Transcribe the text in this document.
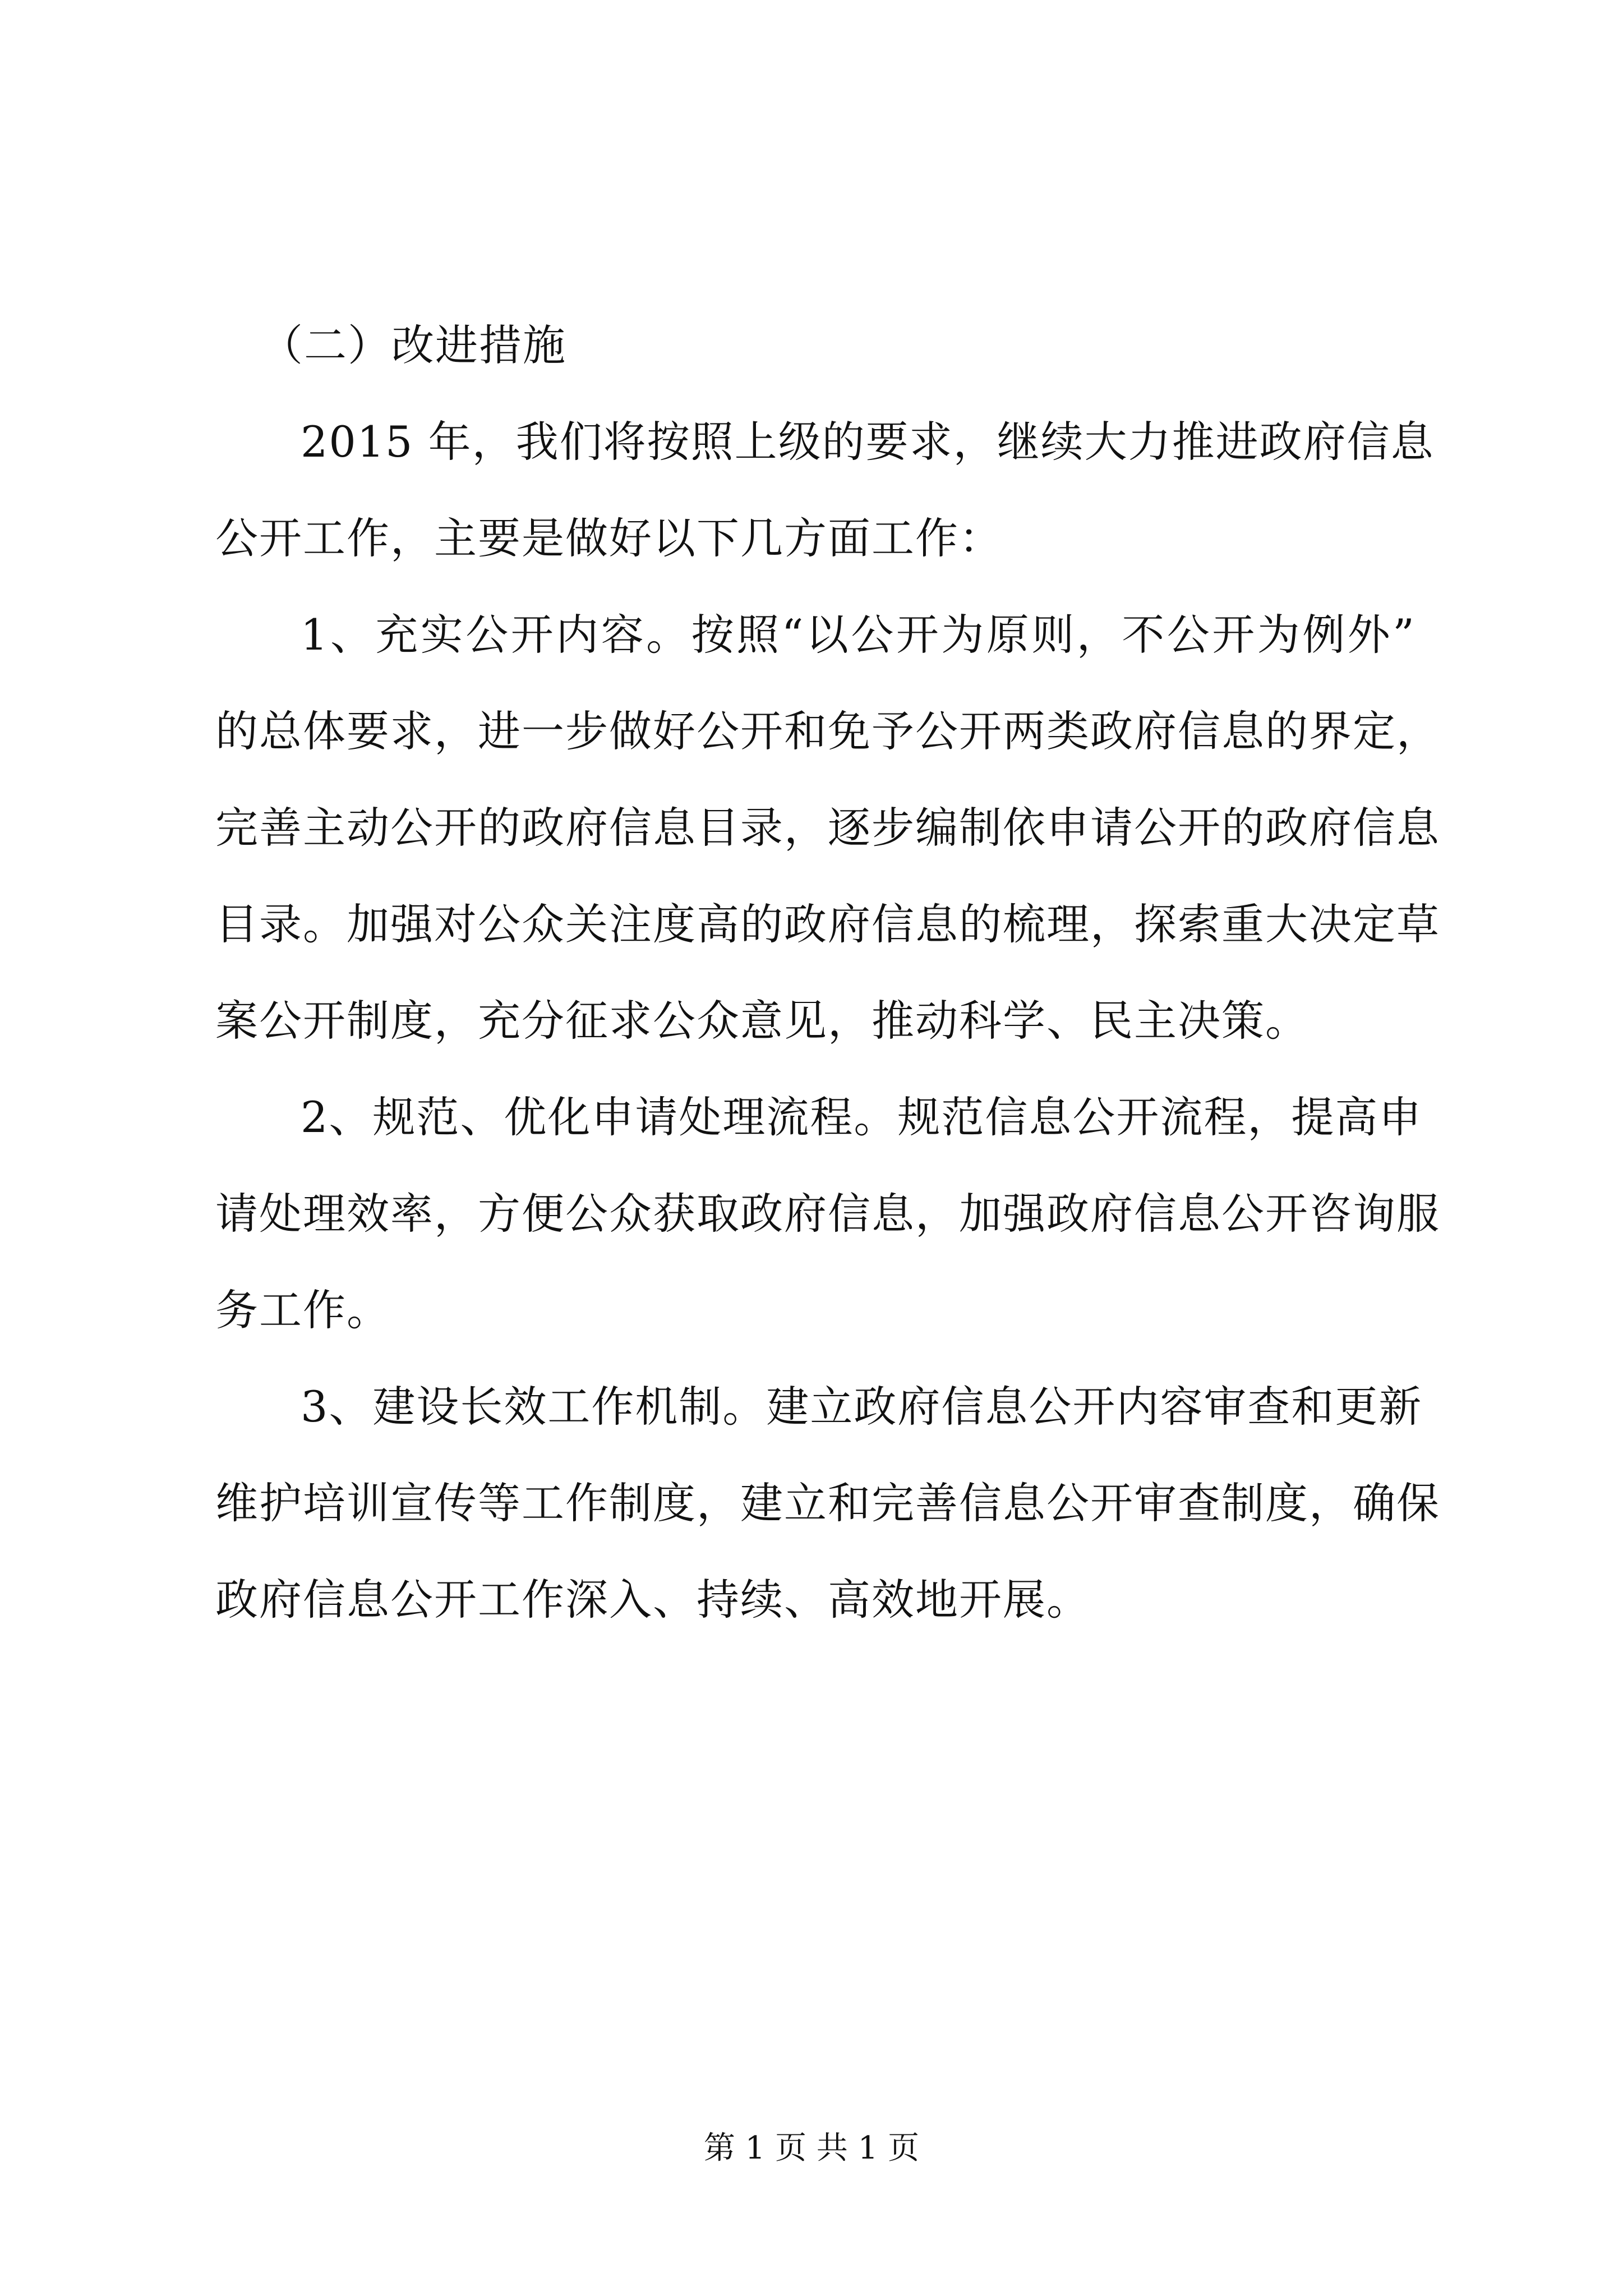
（二）改进措施
2015 年，我们将按照上级的要求，继续大力推进政府信息
公开工作，主要是做好以下几方面工作：
1、充实公开内容。按照“以公开为原则，不公开为例外”
的总体要求，进一步做好公开和免予公开两类政府信息的界定，
完善主动公开的政府信息目录，逐步编制依申请公开的政府信息
目录。加强对公众关注度高的政府信息的梳理，探索重大决定草
案公开制度，充分征求公众意见，推动科学、民主决策。
2、规范、优化申请处理流程。规范信息公开流程，提高申
请处理效率，方便公众获取政府信息，加强政府信息公开咨询服
务工作。
3、建设长效工作机制。建立政府信息公开内容审查和更新
维护培训宣传等工作制度，建立和完善信息公开审查制度，确保
政府信息公开工作深入、持续、高效地开展。
第 1 页 共 1 页
